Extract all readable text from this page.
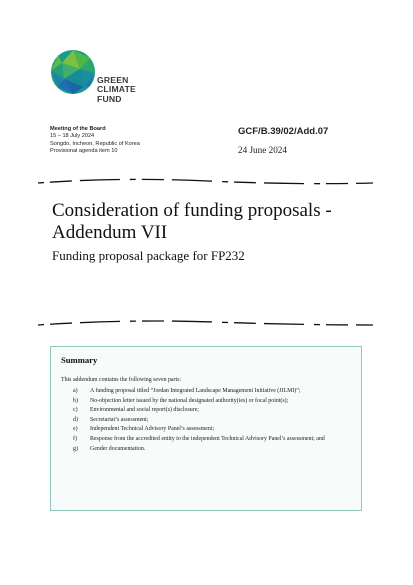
GREEN
CLIMATE
FUND
Meeting of the Board
15 – 18 July 2024
Songdo, Incheon, Republic of Korea
Provisional agenda item 10
GCF/B.39/02/Add.07
24 June 2024
Consideration of funding proposals - Addendum VII
Funding proposal package for FP232
Summary
This addendum contains the following seven parts:
a) A funding proposal titled “Jordan Integrated Landscape Management Initiative (JILMI)”;
b) No-objection letter issued by the national designated authority(ies) or focal point(s);
c) Environmental and social report(s) disclosure;
d) Secretariat’s assessment;
e) Independent Technical Advisory Panel’s assessment;
f) Response from the accredited entity to the independent Technical Advisory Panel’s assessment; and
g) Gender documentation.
